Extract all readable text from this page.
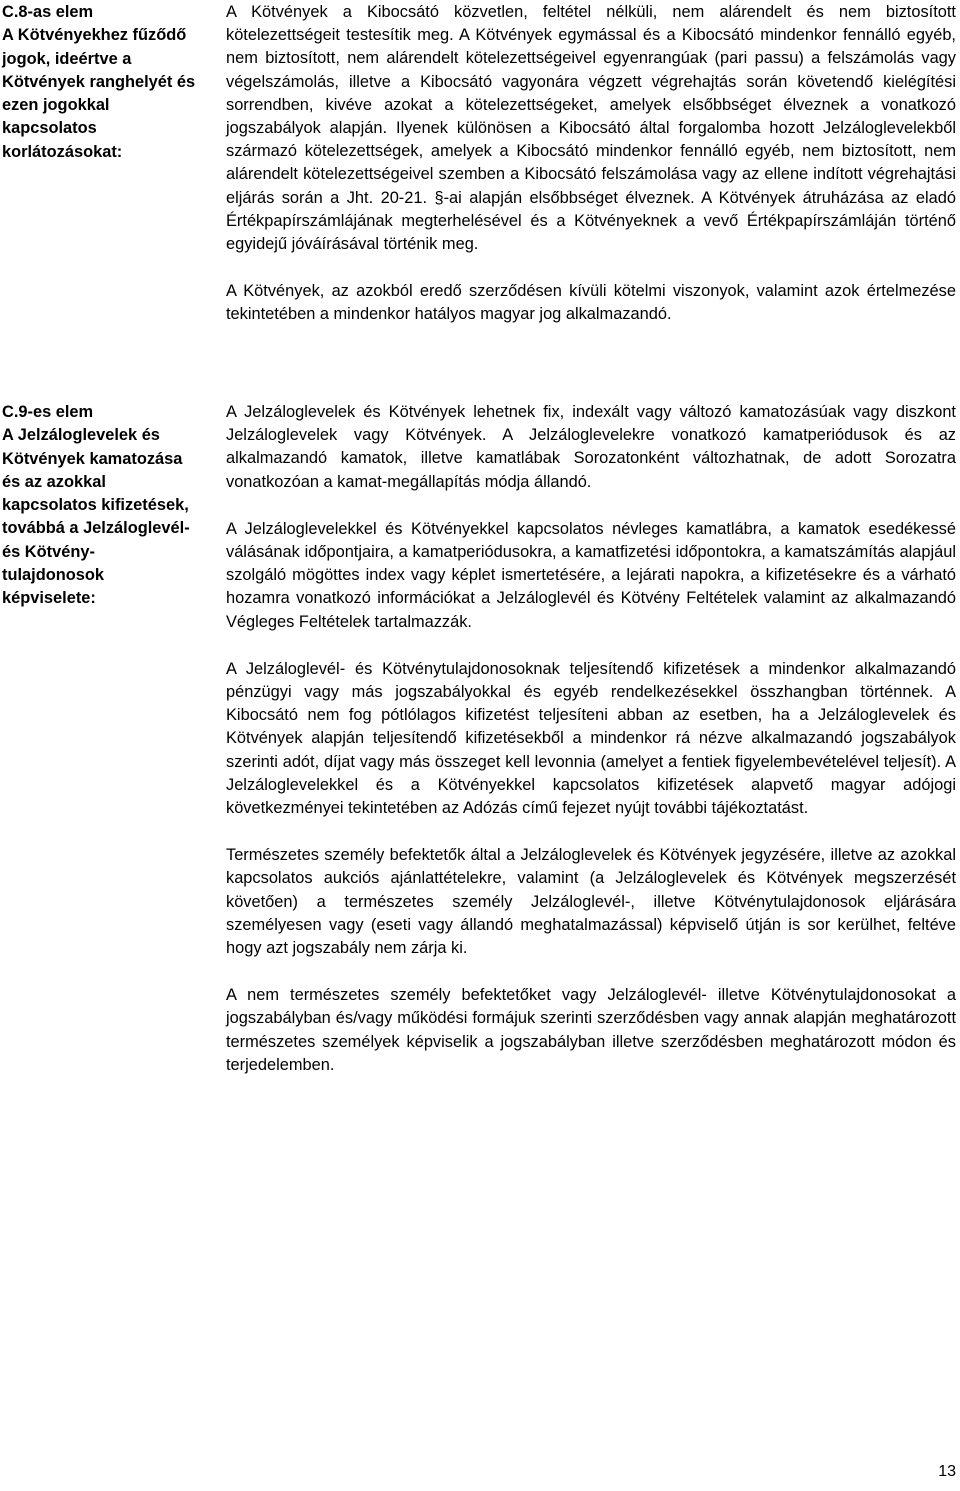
C.8-as elem
A Kötvényekhez fűződő jogok, ideértve a Kötvények ranghelyét és ezen jogokkal kapcsolatos korlátozásokat:

A Kötvények a Kibocsátó közvetlen, feltétel nélküli, nem alárendelt és nem biztosított kötelezettségeit testesítik meg. A Kötvények egymással és a Kibocsátó mindenkor fennálló egyéb, nem biztosított, nem alárendelt kötelezettségeivel egyenrangúak (pari passu) a felszámolás vagy végelszámolás, illetve a Kibocsátó vagyonára végzett végrehajtás során követendő kielégítési sorrendben, kivéve azokat a kötelezettségeket, amelyek elsőbbséget élveznek a vonatkozó jogszabályok alapján. Ilyenek különösen a Kibocsátó által forgalomba hozott Jelzáloglevelekből származó kötelezettségek, amelyek a Kibocsátó mindenkor fennálló egyéb, nem biztosított, nem alárendelt kötelezettségeivel szemben a Kibocsátó felszámolása vagy az ellene indított végrehajtási eljárás során a Jht. 20-21. §-ai alapján elsőbbséget élveznek. A Kötvények átruházása az eladó Értékpapírszámlájának megterhelésével és a Kötvényeknek a vevő Értékpapírszámláján történő egyidejű jóváírásával történik meg.

A Kötvények, az azokból eredő szerződésen kívüli kötelmi viszonyok, valamint azok értelmezése tekintetében a mindenkor hatályos magyar jog alkalmazandó.

C.9-es elem
A Jelzáloglevelek és Kötvények kamatozása és az azokkal kapcsolatos kifizetések, továbbá a Jelzáloglevél- és Kötvény-
tulajdonosok képviselete:

A Jelzáloglevelek és Kötvények lehetnek fix, indexált vagy változó kamatozásúak vagy diszkont Jelzáloglevelek vagy Kötvények. A Jelzáloglevelekre vonatkozó kamatperiódusok és az alkalmazandó kamatok, illetve kamatlábak Sorozatonként változhatnak, de adott Sorozatra vonatkozóan a kamat-megállapítás módja állandó.

A Jelzáloglevelekkel és Kötvényekkel kapcsolatos névleges kamatlábra, a kamatok esedékessé válásának időpontjaira, a kamatperiódusokra, a kamatfizetési időpontokra, a kamatszámítás alapjául szolgáló mögöttes index vagy képlet ismertetésére, a lejárati napokra, a kifizetésekre és a várható hozamra vonatkozó információkat a Jelzáloglevél és Kötvény Feltételek valamint az alkalmazandó Végleges Feltételek tartalmazzák.

A Jelzáloglevél- és Kötvénytulajdonosoknak teljesítendő kifizetések a mindenkor alkalmazandó pénzügyi vagy más jogszabályokkal és egyéb rendelkezésekkel összhangban történnek. A Kibocsátó nem fog pótlólagos kifizetést teljesíteni abban az esetben, ha a Jelzáloglevelek és Kötvények alapján teljesítendő kifizetésekből a mindenkor rá nézve alkalmazandó jogszabályok szerinti adót, díjat vagy más összeget kell levonnia (amelyet a fentiek figyelembevételével teljesít). A Jelzáloglevelekkel és a Kötvényekkel kapcsolatos kifizetések alapvető magyar adójogi következményei tekintetében az Adózás című fejezet nyújt további tájékoztatást.

Természetes személy befektetők által a Jelzáloglevelek és Kötvények jegyzésére, illetve az azokkal kapcsolatos aukciós ajánlattételekre, valamint (a Jelzáloglevelek és Kötvények megszerzését követően) a természetes személy Jelzáloglevél-, illetve Kötvénytulajdonosok eljárására személyesen vagy (eseti vagy állandó meghatalmazással) képviselő útján is sor kerülhet, feltéve hogy azt jogszabály nem zárja ki.

A nem természetes személy befektetőket vagy Jelzáloglevél- illetve Kötvénytulajdonosokat a jogszabályban és/vagy működési formájuk szerinti szerződésben vagy annak alapján meghatározott természetes személyek képviselik a jogszabályban illetve szerződésben meghatározott módon és terjedelemben.

13
